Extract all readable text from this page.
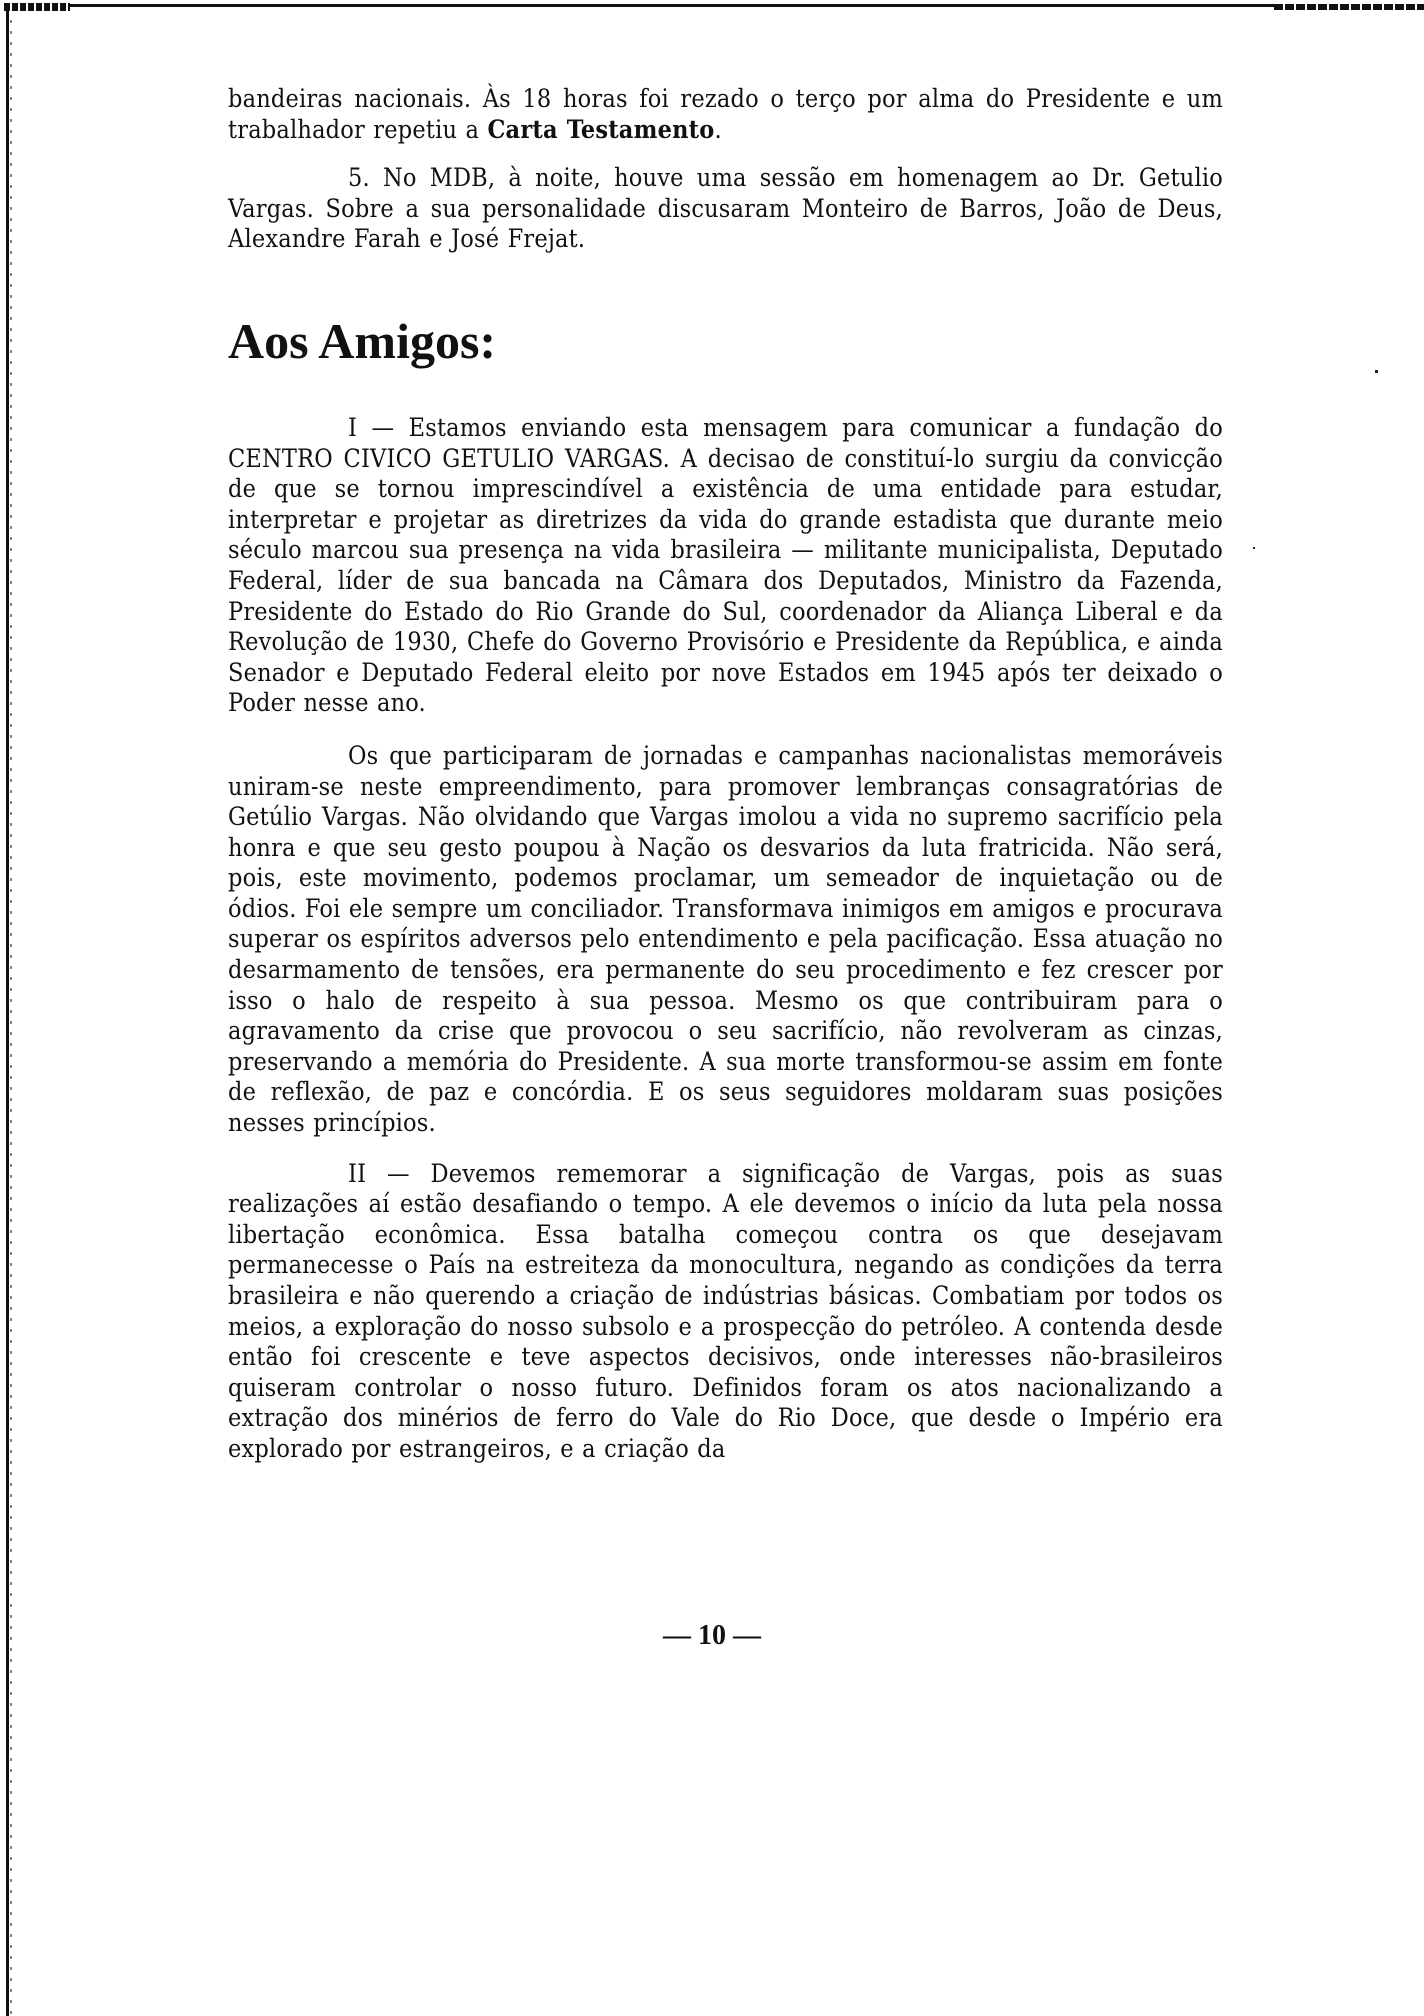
bandeiras nacionais. Às 18 horas foi rezado o terço por alma do Presidente e um trabalhador repetiu a Carta Testamento.

5. No MDB, à noite, houve uma sessão em homenagem ao Dr. Getulio Vargas. Sobre a sua personalidade discusaram Monteiro de Barros, João de Deus, Alexandre Farah e José Frejat.

Aos Amigos:

I — Estamos enviando esta mensagem para comunicar a fundação do CENTRO CIVICO GETULIO VARGAS. A decisao de constituí-lo surgiu da convicção de que se tornou imprescindível a existência de uma entidade para estudar, interpretar e projetar as diretrizes da vida do grande estadista que durante meio século marcou sua presença na vida brasileira — militante municipalista, Deputado Federal, líder de sua bancada na Câmara dos Deputados, Ministro da Fazenda, Presidente do Estado do Rio Grande do Sul, coordenador da Aliança Liberal e da Revolução de 1930, Chefe do Governo Provisório e Presidente da República, e ainda Senador e Deputado Federal eleito por nove Estados em 1945 após ter deixado o Poder nesse ano.

Os que participaram de jornadas e campanhas nacionalistas memoráveis uniram-se neste empreendimento, para promover lembranças consagratórias de Getúlio Vargas. Não olvidando que Vargas imolou a vida no supremo sacrifício pela honra e que seu gesto poupou à Nação os desvarios da luta fratricida. Não será, pois, este movimento, podemos proclamar, um semeador de inquietação ou de ódios. Foi ele sempre um conciliador. Transformava inimigos em amigos e procurava superar os espíritos adversos pelo entendimento e pela pacificação. Essa atuação no desarmamento de tensões, era permanente do seu procedimento e fez crescer por isso o halo de respeito à sua pessoa. Mesmo os que contribuiram para o agravamento da crise que provocou o seu sacrifício, não revolveram as cinzas, preservando a memória do Presidente. A sua morte transformou-se assim em fonte de reflexão, de paz e concórdia. E os seus seguidores moldaram suas posições nesses princípios.

II — Devemos rememorar a significação de Vargas, pois as suas realizações aí estão desafiando o tempo. A ele devemos o início da luta pela nossa libertação econômica. Essa batalha começou contra os que desejavam permanecesse o País na estreiteza da monocultura, negando as condições da terra brasileira e não querendo a criação de indústrias básicas. Combatiam por todos os meios, a exploração do nosso subsolo e a prospecção do petróleo. A contenda desde então foi crescente e teve aspectos decisivos, onde interesses não-brasileiros quiseram controlar o nosso futuro. Definidos foram os atos nacionalizando a extração dos minérios de ferro do Vale do Rio Doce, que desde o Império era explorado por estrangeiros, e a criação da

— 10 —
